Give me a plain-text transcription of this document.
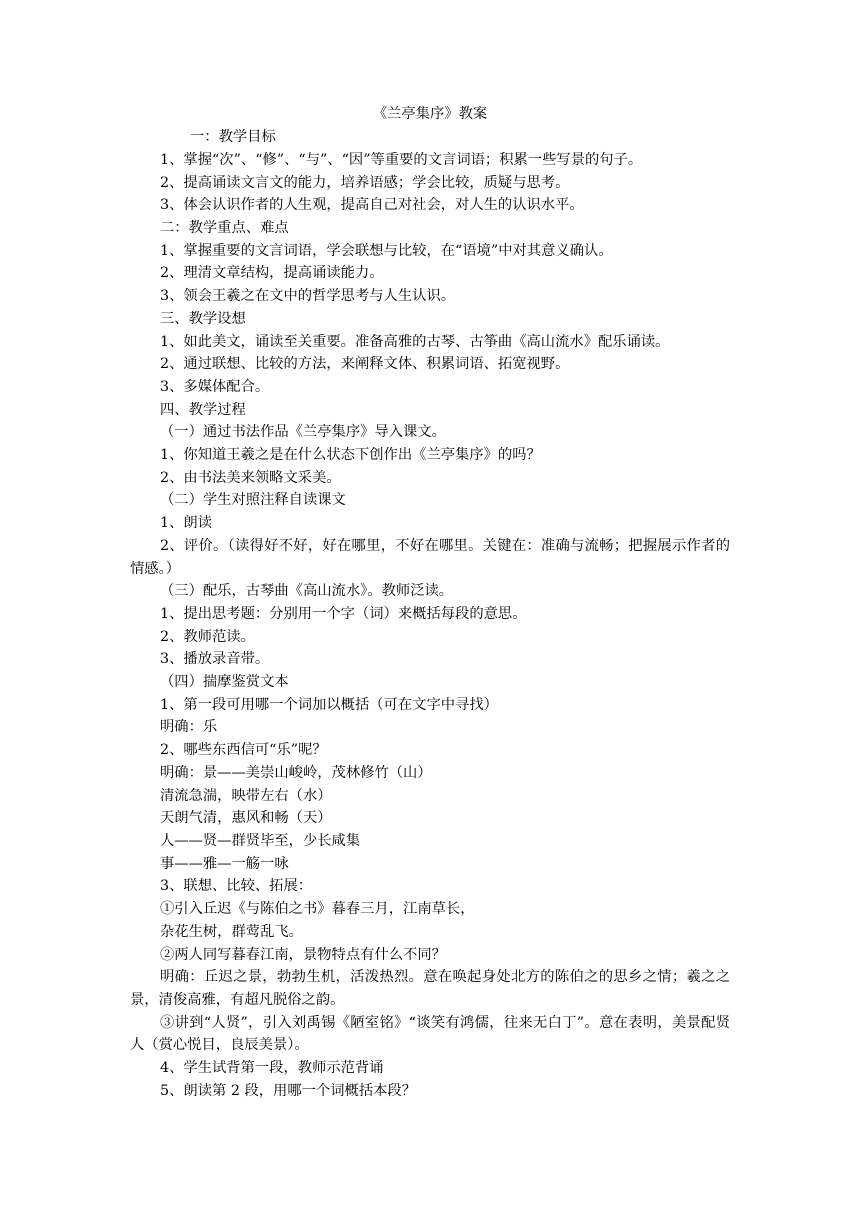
《兰亭集序》教案

一：教学目标

1、掌握“次”、“修”、“与”、“因”等重要的文言词语；积累一些写景的句子。

2、提高诵读文言文的能力，培养语感；学会比较，质疑与思考。

3、体会认识作者的人生观，提高自己对社会，对人生的认识水平。

二：教学重点、难点

1、掌握重要的文言词语，学会联想与比较，在“语境”中对其意义确认。

2、理清文章结构，提高诵读能力。

3、领会王羲之在文中的哲学思考与人生认识。

三、教学设想

1、如此美文，诵读至关重要。准备高雅的古琴、古筝曲《高山流水》配乐诵读。

2、通过联想、比较的方法，来阐释文体、积累词语、拓宽视野。

3、多媒体配合。

四、教学过程

（一）通过书法作品《兰亭集序》导入课文。

1、你知道王羲之是在什么状态下创作出《兰亭集序》的吗？

2、由书法美来领略文采美。

（二）学生对照注释自读课文

1、朗读

2、评价。（读得好不好，好在哪里，不好在哪里。关键在：准确与流畅；把握展示作者的情感。）

（三）配乐，古琴曲《高山流水》。教师泛读。

1、提出思考题：分别用一个字（词）来概括每段的意思。

2、教师范读。

3、播放录音带。

（四）揣摩鉴赏文本

1、第一段可用哪一个词加以概括（可在文字中寻找）

明确：乐

2、哪些东西信可“乐”呢？

明确：景——美崇山峻岭，茂林修竹（山）

清流急湍，映带左右（水）

天朗气清，惠风和畅（天）

人——贤—群贤毕至，少长咸集

事——雅—一觞一咏

3、联想、比较、拓展：

①引入丘迟《与陈伯之书》暮春三月，江南草长，

杂花生树，群莺乱飞。

②两人同写暮春江南，景物特点有什么不同？

明确：丘迟之景，勃勃生机，活泼热烈。意在唤起身处北方的陈伯之的思乡之情；羲之之景，清俊高雅，有超凡脱俗之韵。

③讲到“人贤”，引入刘禹锡《陋室铭》“谈笑有鸿儒，往来无白丁”。意在表明，美景配贤人（赏心悦目，良辰美景）。

4、学生试背第一段，教师示范背诵

5、朗读第 2 段，用哪一个词概括本段？
